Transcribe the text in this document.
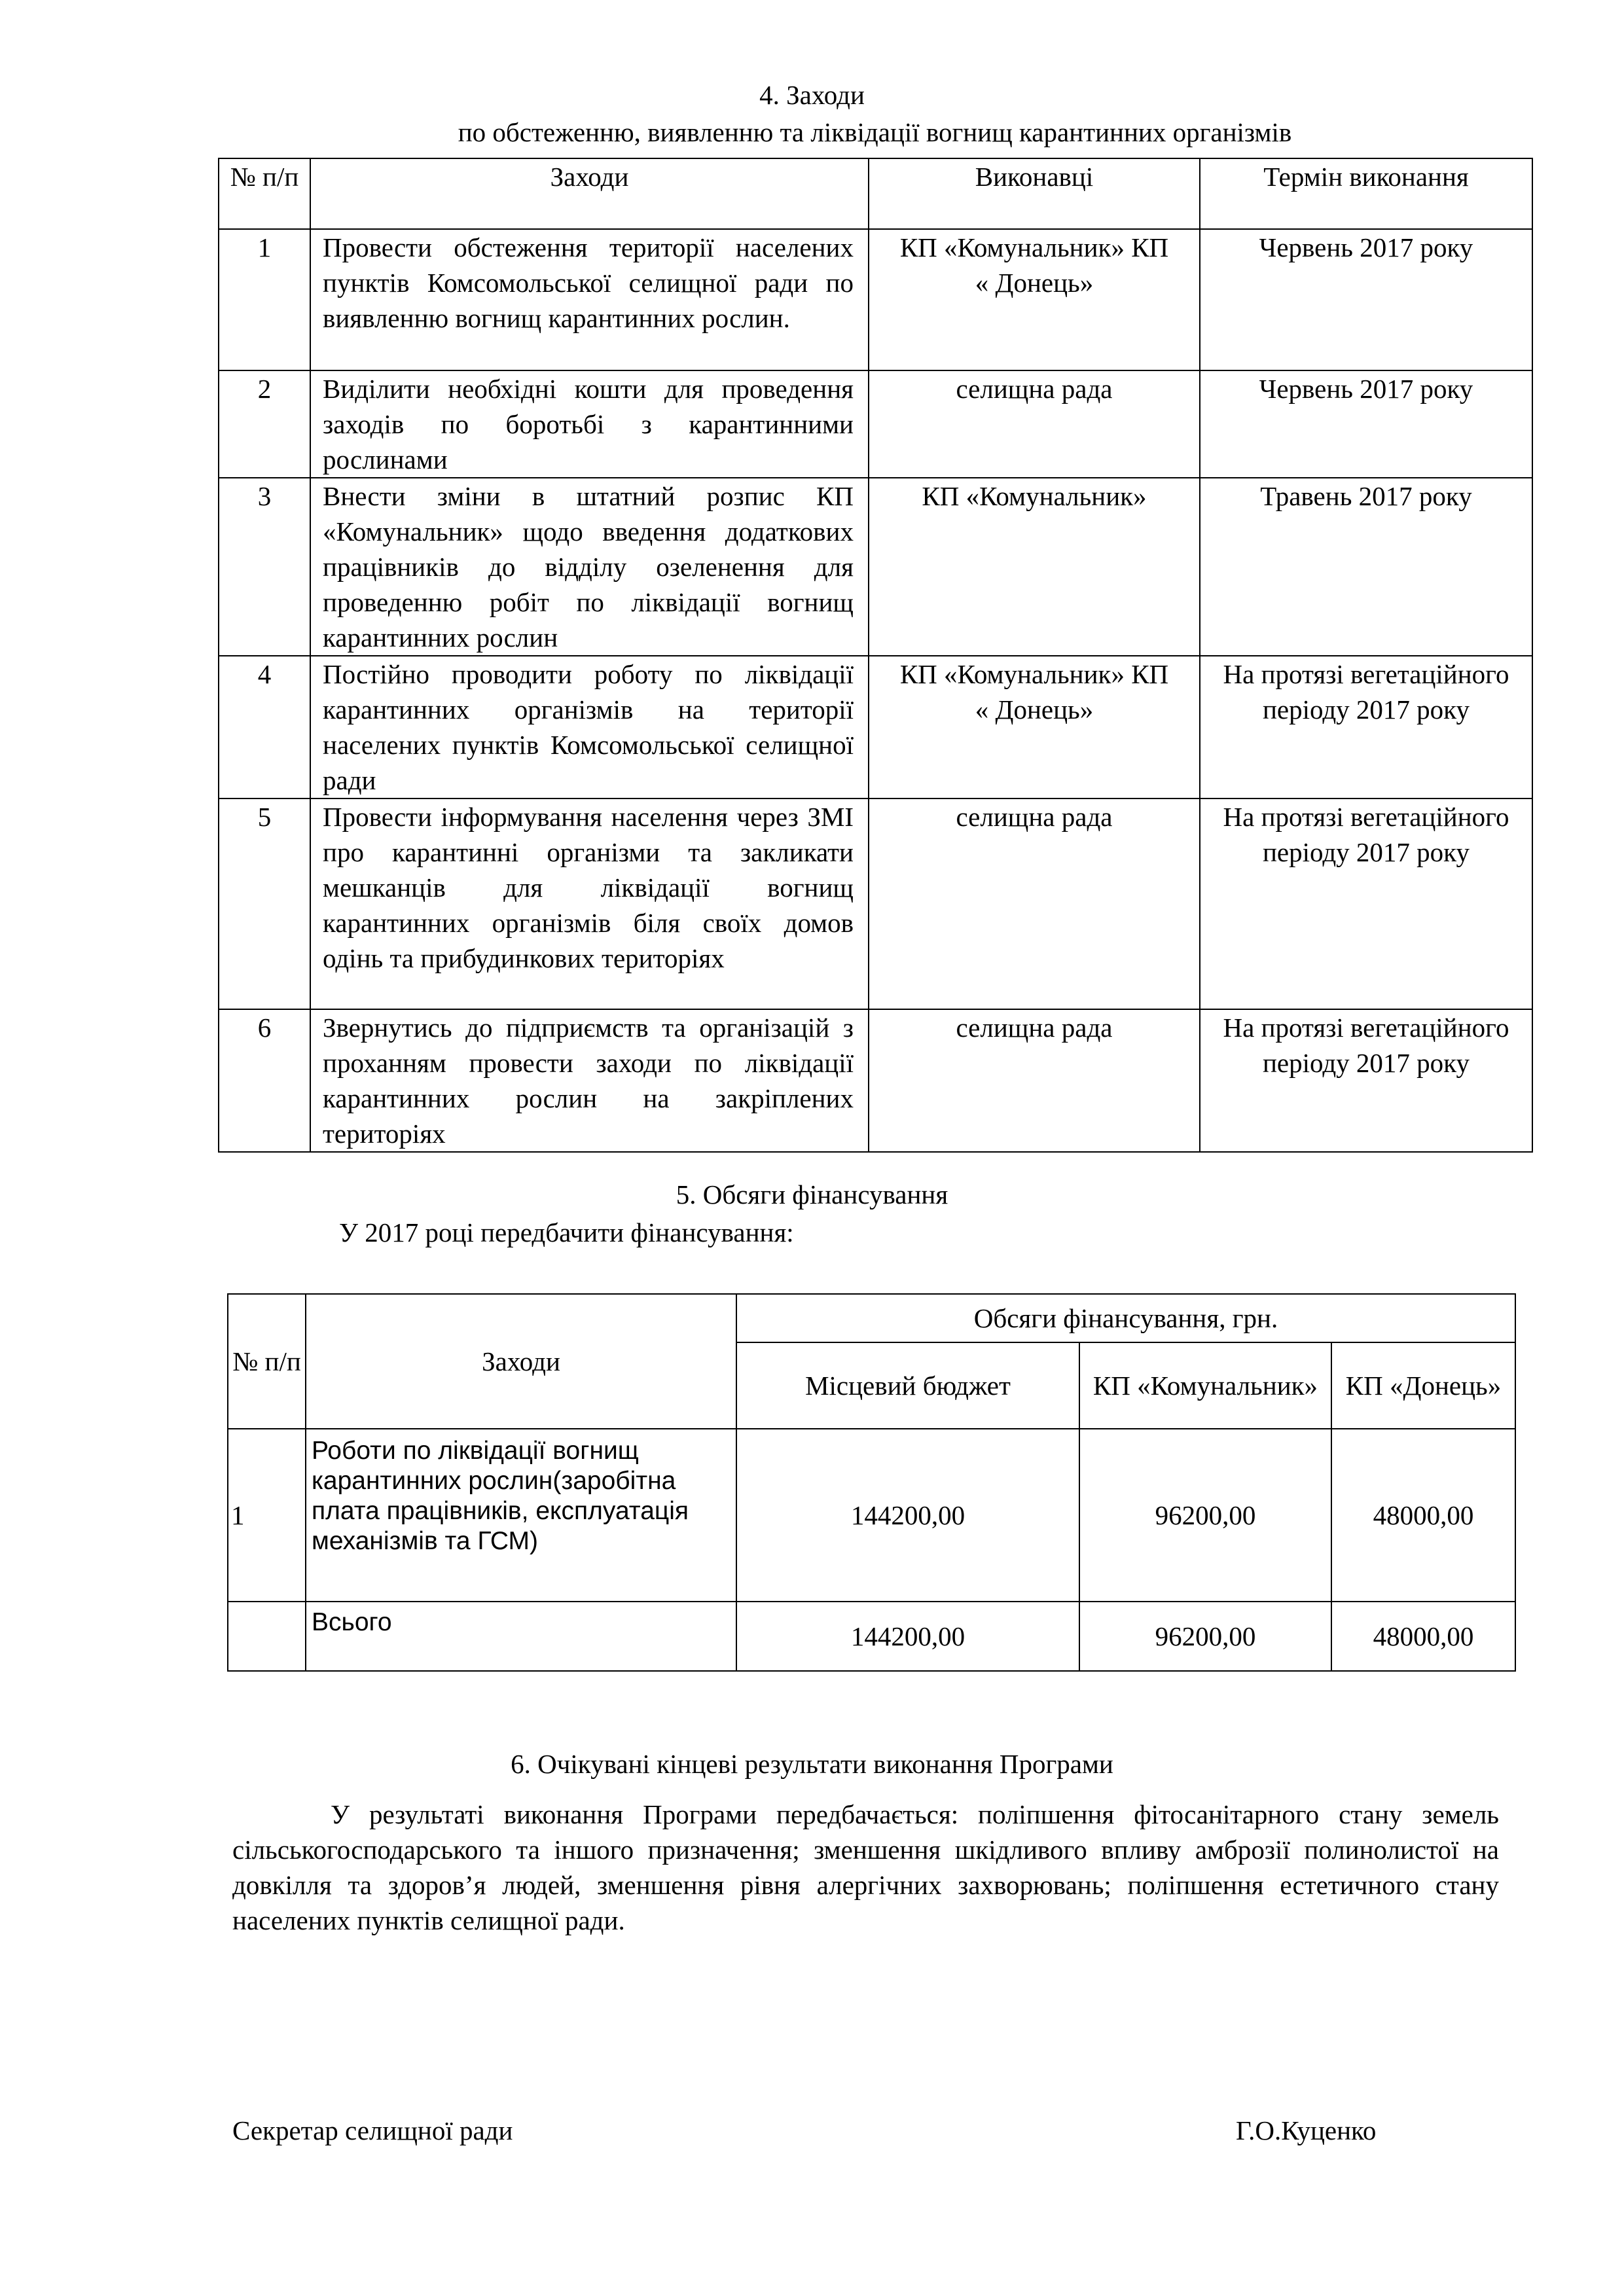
4. Заходи
по обстеженню, виявленню та ліквідації вогнищ карантинних організмів
№ п/п	Заходи	Виконавці	Термін виконання
1	Провести обстеження території населених пунктів Комсомольської селищної ради по виявленню вогнищ карантинних рослин.	КП «Комунальник» КП « Донець»	Червень 2017 року
2	Виділити необхідні кошти для проведення заходів по боротьбі з карантинними рослинами	селищна рада	Червень 2017 року
3	Внести зміни в штатний розпис КП «Комунальник» щодо введення додаткових працівників до відділу озеленення для проведенню робіт по ліквідації вогнищ карантинних рослин	КП «Комунальник»	Травень 2017 року
4	Постійно проводити роботу по ліквідації карантинних організмів на території населених пунктів Комсомольської селищної ради	КП «Комунальник» КП « Донець»	На протязі вегетаційного періоду 2017 року
5	Провести інформування населення через ЗМІ про карантинні організми та закликати мешканців для ліквідації вогнищ карантинних організмів біля своїх домов одінь та прибудинкових територіях	селищна рада	На протязі вегетаційного періоду 2017 року
6	Звернутись до підприємств та організацій з проханням провести заходи по ліквідації карантинних рослин на закріплених територіях	селищна рада	На протязі вегетаційного періоду 2017 року
5. Обсяги фінансування
У 2017 році передбачити фінансування:
№ п/п	Заходи	Обсяги фінансування, грн.		
		Місцевий бюджет	КП «Комунальник»	КП «Донець»
1	Роботи по ліквідації вогнищ карантинних рослин(заробітна плата працівників, експлуатація механізмів та ГСМ)	144200,00	96200,00	48000,00
	Всього	144200,00	96200,00	48000,00
6. Очікувані кінцеві результати виконання Програми
У результаті виконання Програми передбачається: поліпшення фітосанітарного стану земель сільськогосподарського та іншого призначення; зменшення шкідливого впливу амброзії полинолистої на довкілля та здоров’я людей, зменшення рівня алергічних захворювань; поліпшення естетичного стану населених пунктів селищної ради.
Секретар селищної ради	Г.О.Куценко
